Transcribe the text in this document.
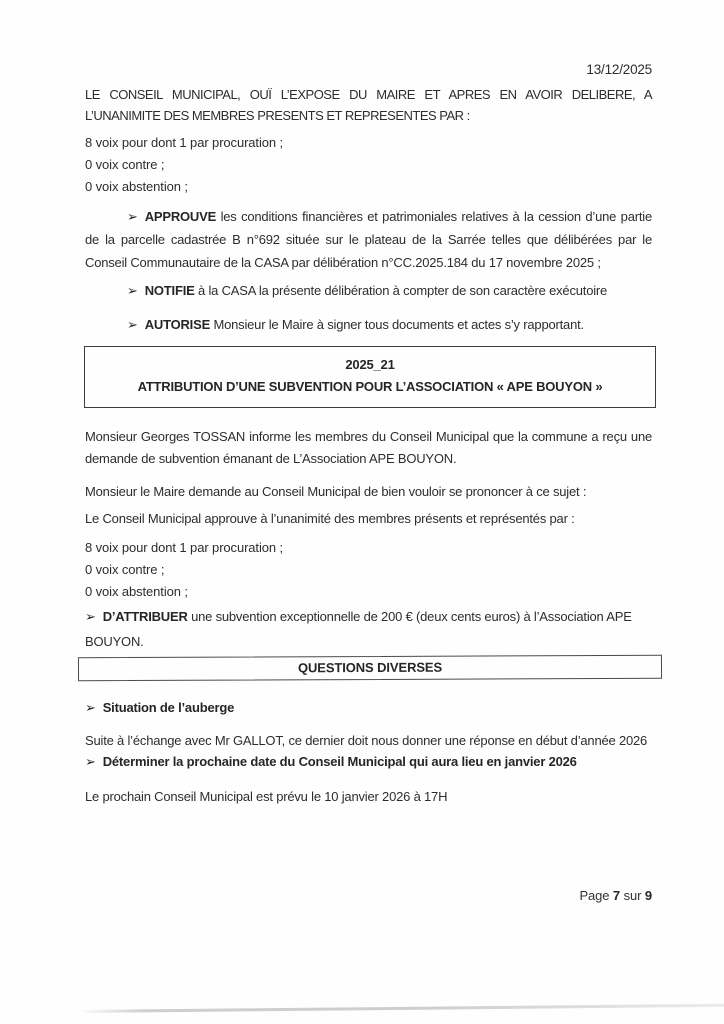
13/12/2025
LE CONSEIL MUNICIPAL, OUÏ L’EXPOSE DU MAIRE ET APRES EN AVOIR DELIBERE, A L’UNANIMITE DES MEMBRES PRESENTS ET REPRESENTES PAR :
8 voix pour dont 1 par procuration ;
0 voix contre ;
0 voix abstention ;
➢ APPROUVE les conditions financières et patrimoniales relatives à la cession d’une partie de la parcelle cadastrée B n°692 située sur le plateau de la Sarrée telles que délibérées par le Conseil Communautaire de la CASA par délibération n°CC.2025.184 du 17 novembre 2025 ;
➢ NOTIFIE à la CASA la présente délibération à compter de son caractère exécutoire
➢ AUTORISE Monsieur le Maire à signer tous documents et actes s’y rapportant.
2025_21
ATTRIBUTION D’UNE SUBVENTION POUR L’ASSOCIATION « APE BOUYON »
Monsieur Georges TOSSAN informe les membres du Conseil Municipal que la commune a reçu une demande de subvention émanant de L’Association APE BOUYON.
Monsieur le Maire demande au Conseil Municipal de bien vouloir se prononcer à ce sujet :
Le Conseil Municipal approuve à l’unanimité des membres présents et représentés par :
8 voix pour dont 1 par procuration ;
0 voix contre ;
0 voix abstention ;
➢ D’ATTRIBUER une subvention exceptionnelle de 200 € (deux cents euros) à l’Association APE BOUYON.
QUESTIONS DIVERSES
➢ Situation de l’auberge
Suite à l’échange avec Mr GALLOT, ce dernier doit nous donner une réponse en début d’année 2026
➢ Déterminer la prochaine date du Conseil Municipal qui aura lieu en janvier 2026
Le prochain Conseil Municipal est prévu le 10 janvier 2026 à 17H
Page 7 sur 9
